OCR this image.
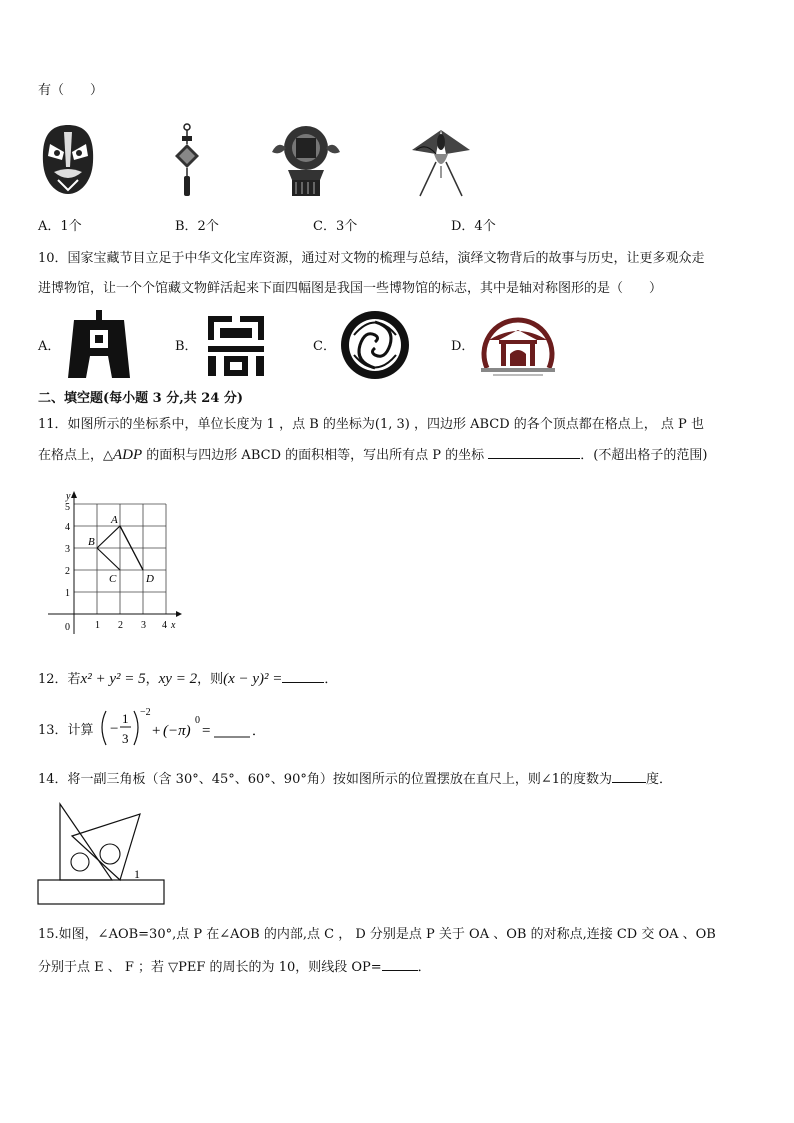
有（　　）
A．1个	B．2个	C．3个	D．4个
10．国家宝藏节目立足于中华文化宝库资源，通过对文物的梳理与总结，演绎文物背后的故事与历史，让更多观众走
进博物馆，让一个个馆藏文物鲜活起来下面四幅图是我国一些博物馆的标志，其中是轴对称图形的是（　　）
A．	B．	C．	D．
二、填空题(每小题 3 分,共 24 分)
11．如图所示的坐标系中，单位长度为 1 ，点 B 的坐标为(1, 3) ，四边形 ABCD 的各个顶点都在格点上， 点 P 也
在格点上，△ADP 的面积与四边形 ABCD 的面积相等，写出所有点 P 的坐标	．(不超出格子的范围)
y
x
0	1 2 3 4
1
2
3
4
5
A
B
C	D
12．若x² + y² = 5，xy = 2，则(x − y)² =	．
13．计算 −
1
3
−2
+ (−π)
0
=	．
14．将一副三角板（含 30°、45°、60°、90°角）按如图所示的位置摆放在直尺上，则∠1的度数为	度．
1
15.如图，∠AOB=30°,点 P 在∠AOB 的内部,点 C ， D 分别是点 P 关于 OA 、OB 的对称点,连接 CD 交 OA 、OB
分别于点 E 、 F ；若 ▽PEF 的周长的为 10，则线段 OP=	．
